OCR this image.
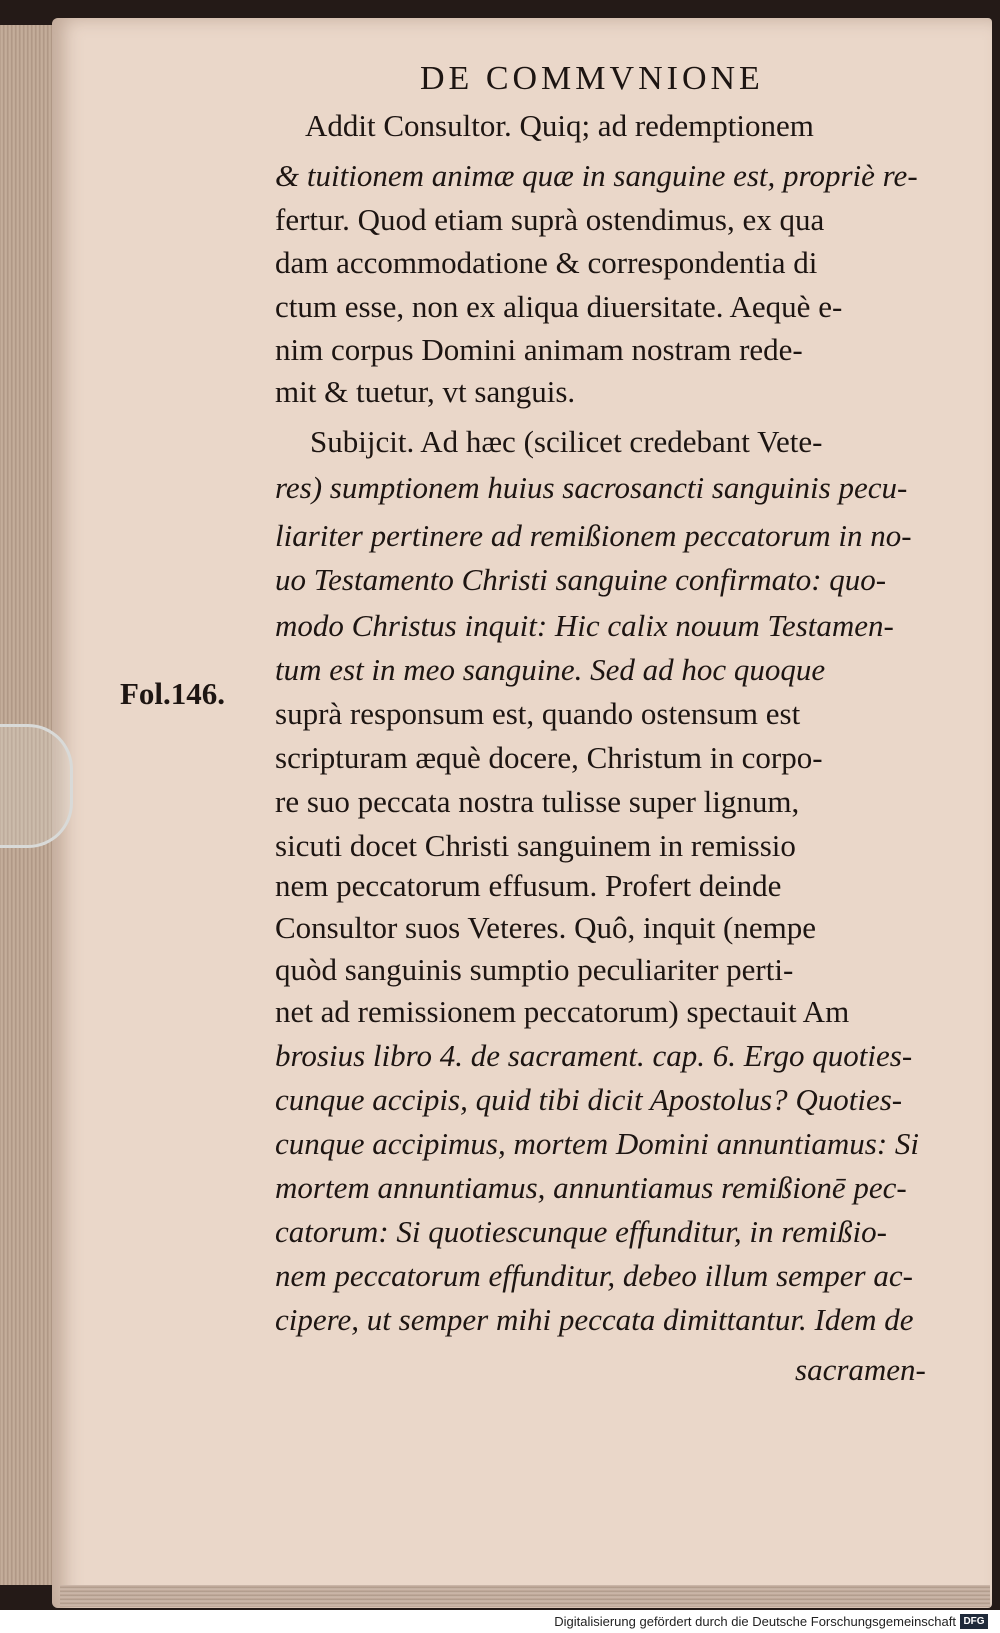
DE COMMVNIONE
Fol.146.
Addit Consultor. Quiq; ad redemptionem
& tuitionem animæ quæ in sanguine est, propriè re-
fertur. Quod etiam suprà ostendimus, ex qua
dam accommodatione & correspondentia di
ctum esse, non ex aliqua diuersitate. Aequè e-
nim corpus Domini animam nostram rede-
mit & tuetur, vt sanguis.
Subijcit. Ad hæc (scilicet credebant Vete-
res) sumptionem huius sacrosancti sanguinis pecu-
liariter pertinere ad remißionem peccatorum in no-
uo Testamento Christi sanguine confirmato: quo-
modo Christus inquit: Hic calix nouum Testamen-
tum est in meo sanguine. Sed ad hoc quoque
suprà responsum est, quando ostensum est
scripturam æquè docere, Christum in corpo-
re suo peccata nostra tulisse super lignum,
sicuti docet Christi sanguinem in remissio
nem peccatorum effusum. Profert deinde
Consultor suos Veteres. Quô, inquit (nempe
quòd sanguinis sumptio peculiariter perti-
net ad remissionem peccatorum) spectauit Am
brosius libro 4. de sacrament. cap. 6. Ergo quoties-
cunque accipis, quid tibi dicit Apostolus? Quoties-
cunque accipimus, mortem Domini annuntiamus: Si
mortem annuntiamus, annuntiamus remißionē pec-
catorum: Si quotiescunque effunditur, in remißio-
nem peccatorum effunditur, debeo illum semper ac-
cipere, ut semper mihi peccata dimittantur. Idem de
sacramen-
Digitalisierung gefördert durch die Deutsche Forschungsgemeinschaft DFG
